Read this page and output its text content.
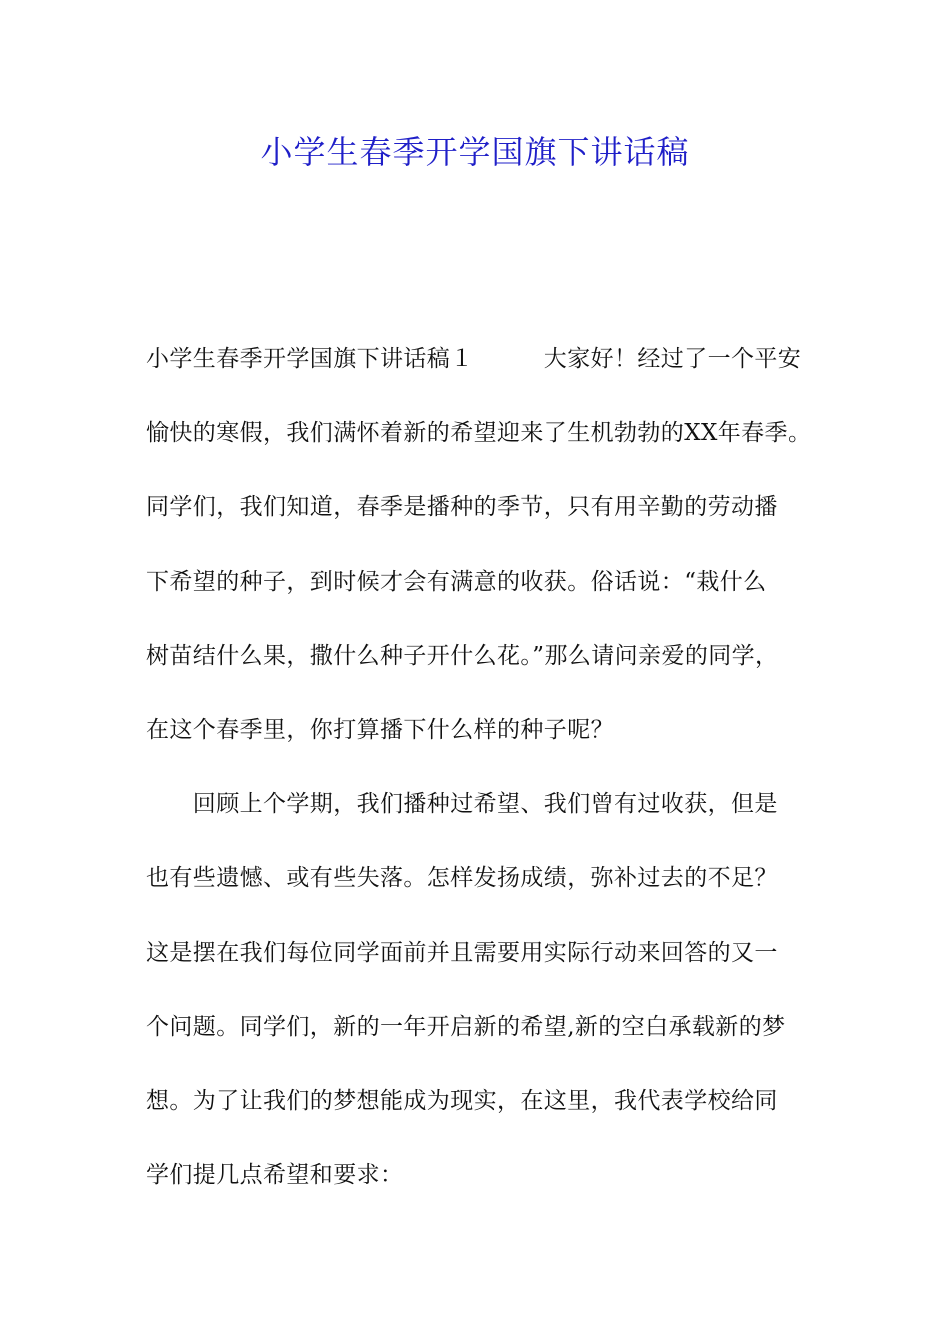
小学生春季开学国旗下讲话稿
小学生春季开学国旗下讲话稿１　　　大家好！经过了一个平安
愉快的寒假，我们满怀着新的希望迎来了生机勃勃的XX年春季。
同学们，我们知道，春季是播种的季节，只有用辛勤的劳动播
下希望的种子，到时候才会有满意的收获。俗话说：“栽什么
树苗结什么果，撒什么种子开什么花。”那么请问亲爱的同学，
在这个春季里，你打算播下什么样的种子呢？
　　回顾上个学期，我们播种过希望、我们曾有过收获，但是
也有些遗憾、或有些失落。怎样发扬成绩，弥补过去的不足？
这是摆在我们每位同学面前并且需要用实际行动来回答的又一
个问题。同学们，新的一年开启新的希望,新的空白承载新的梦
想。为了让我们的梦想能成为现实，在这里，我代表学校给同
学们提几点希望和要求：
